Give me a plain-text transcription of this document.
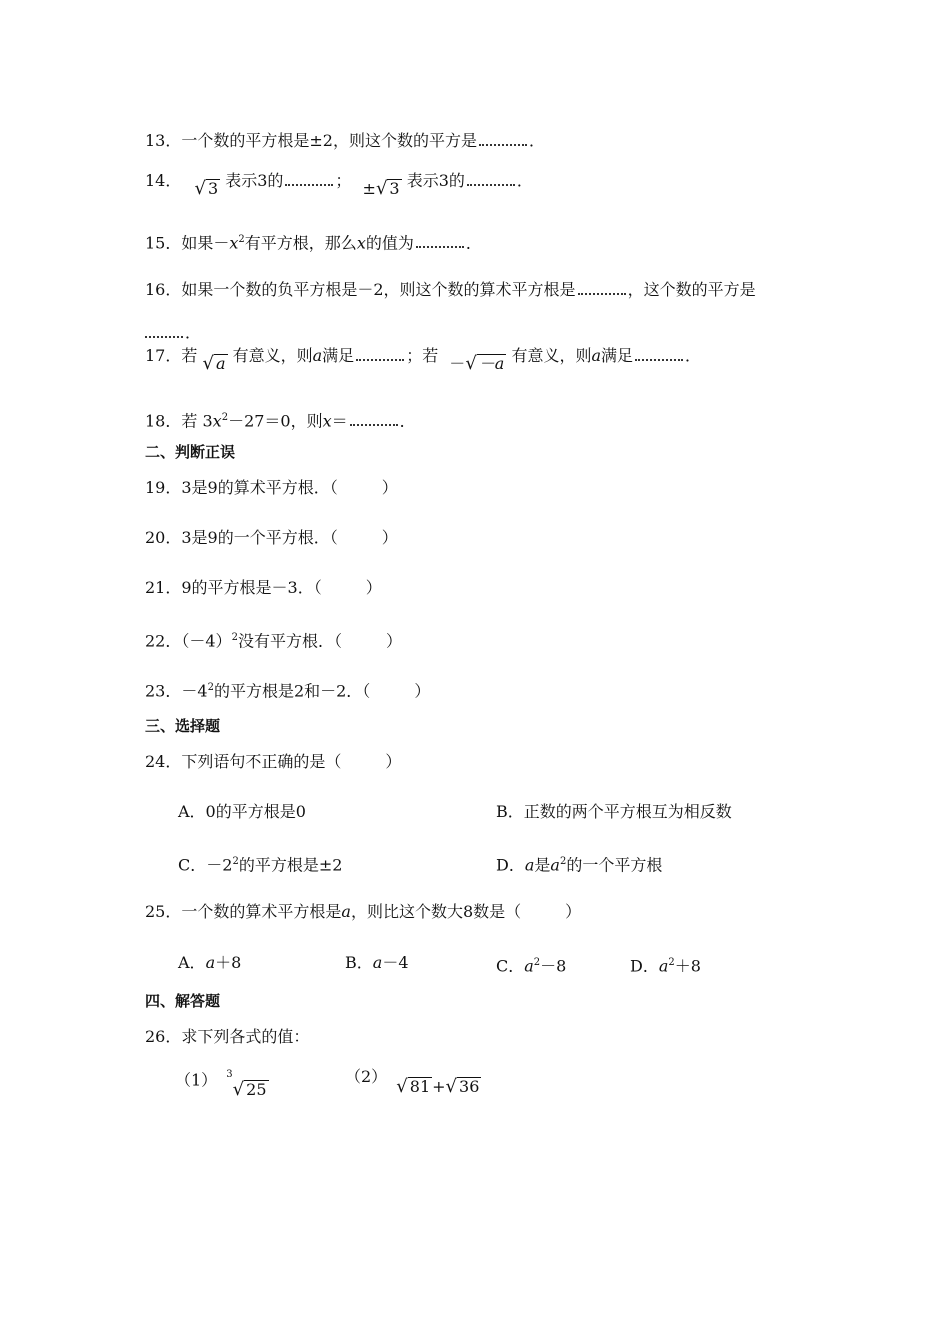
13．一个数的平方根是±2，则这个数的平方是	．
14． √ 3 表示3的	； ±√ 3 表示3的	．
15．如果$-x^2$有平方根，那么x的值为	．
16．如果一个数的负平方根是－2，则这个数的算术平方根是	，这个数的平方是
．
17．若 √ a 有意义，则a满足	；若 －√ －a 有意义，则a满足	．
18．若 $3x^2-27=0$，则x＝	．
二、判断正误
19．3是9的算术平方根．（	）
20．3是9的一个平方根．（	）
21．9的平方根是－3．（	）
22．$(-4)^2$没有平方根．（	）
23．$-4^2$的平方根是2和－2．（	）
三、选择题
24．下列语句不正确的是（	）
A．0的平方根是0	B．正数的两个平方根互为相反数
C．$-2^2$的平方根是±2	D．a是$a^2$的一个平方根
25．一个数的算术平方根是a，则比这个数大8数是（	）
A．a＋8	B．a－4	C．$a^2-8$	D．$a^2+8$
四、解答题
26．求下列各式的值：
（1） $^3$√ 25
（2） √ 81 +√ 36
